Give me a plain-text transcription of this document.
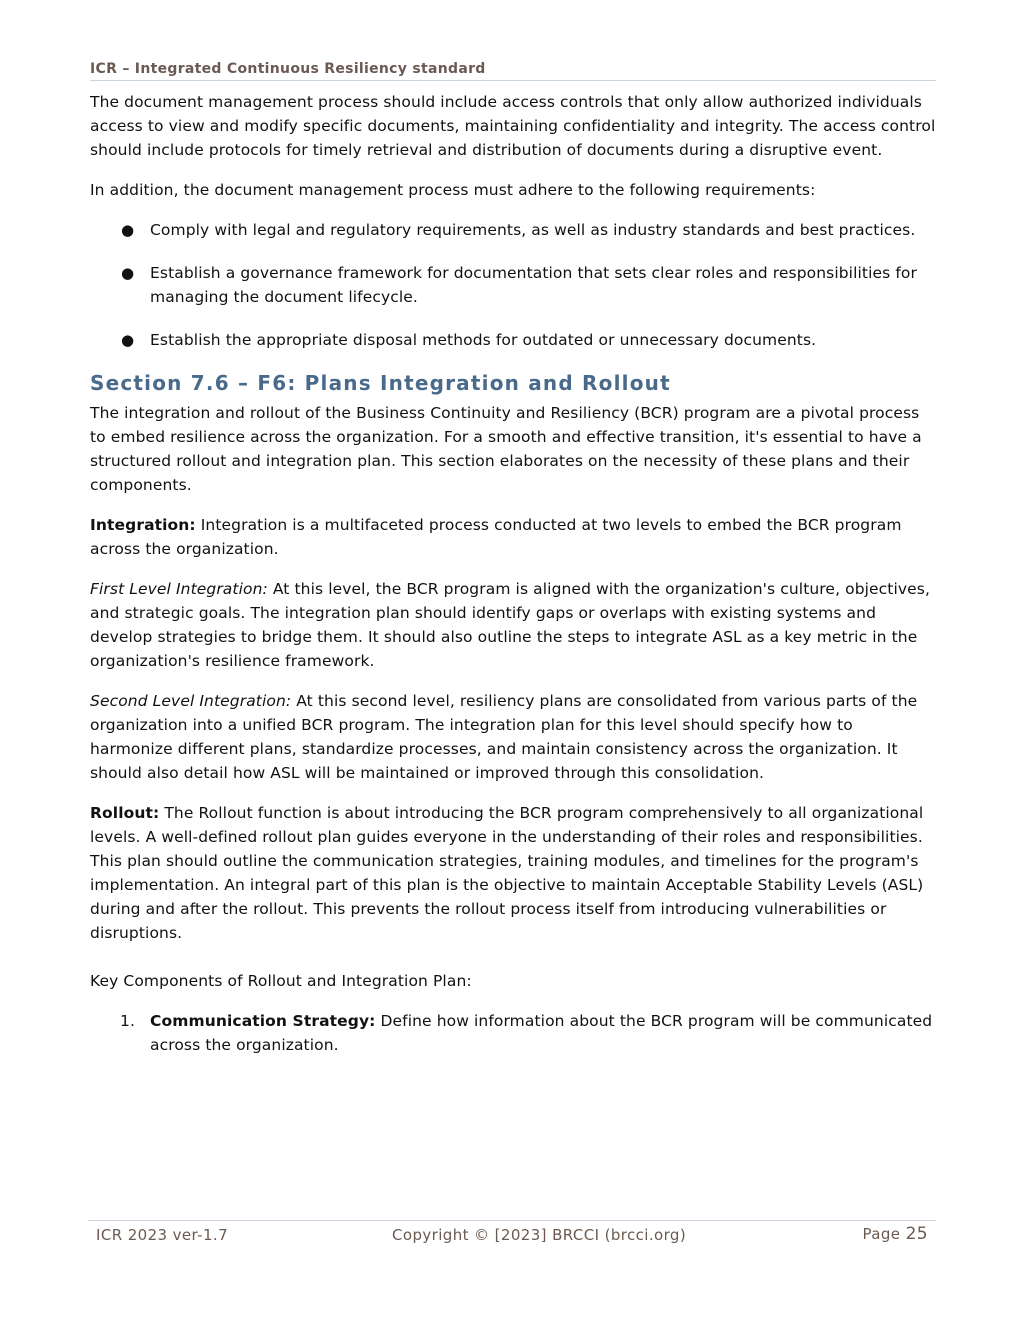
ICR – Integrated Continuous Resiliency standard

The document management process should include access controls that only allow authorized individuals access to view and modify specific documents, maintaining confidentiality and integrity. The access control should include protocols for timely retrieval and distribution of documents during a disruptive event.

In addition, the document management process must adhere to the following requirements:

● Comply with legal and regulatory requirements, as well as industry standards and best practices.
● Establish a governance framework for documentation that sets clear roles and responsibilities for managing the document lifecycle.
● Establish the appropriate disposal methods for outdated or unnecessary documents.
Section 7.6 – F6: Plans Integration and Rollout

The integration and rollout of the Business Continuity and Resiliency (BCR) program are a pivotal process to embed resilience across the organization. For a smooth and effective transition, it's essential to have a structured rollout and integration plan. This section elaborates on the necessity of these plans and their components.

Integration: Integration is a multifaceted process conducted at two levels to embed the BCR program across the organization.

First Level Integration: At this level, the BCR program is aligned with the organization's culture, objectives, and strategic goals. The integration plan should identify gaps or overlaps with existing systems and develop strategies to bridge them. It should also outline the steps to integrate ASL as a key metric in the organization's resilience framework.

Second Level Integration: At this second level, resiliency plans are consolidated from various parts of the organization into a unified BCR program. The integration plan for this level should specify how to harmonize different plans, standardize processes, and maintain consistency across the organization. It should also detail how ASL will be maintained or improved through this consolidation.

Rollout: The Rollout function is about introducing the BCR program comprehensively to all organizational levels. A well-defined rollout plan guides everyone in the understanding of their roles and responsibilities. This plan should outline the communication strategies, training modules, and timelines for the program's implementation. An integral part of this plan is the objective to maintain Acceptable Stability Levels (ASL) during and after the rollout. This prevents the rollout process itself from introducing vulnerabilities or disruptions.

Key Components of Rollout and Integration Plan:

1. Communication Strategy: Define how information about the BCR program will be communicated across the organization.
ICR 2023 ver-1.7	Copyright © [2023] BRCCI (brcci.org)	Page 25
